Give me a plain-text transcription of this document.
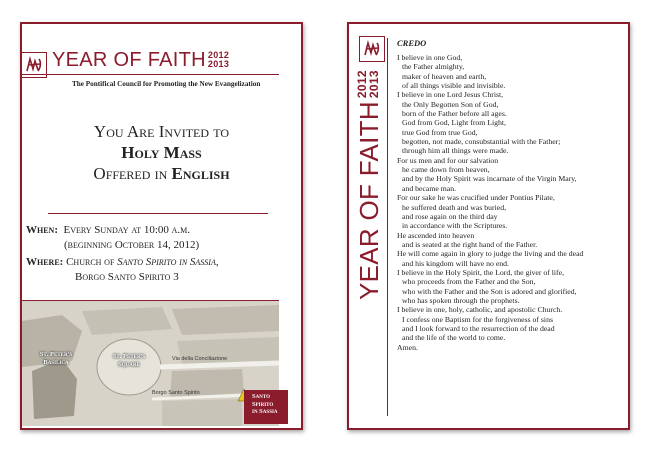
YEAR OF FAITH 2012
2013
The Pontifical Council for Promoting the New Evangelization
You Are Invited to
Holy Mass
Offered in English
When: Every Sunday at 10:00 a.m.
(beginning October 14, 2012)
Where: Church of Santo Spirito in Sassia,
Borgo Santo Spirito 3
St. Peter's
Basilica
St. Peter's
Square
Via della Conciliazione
Borgo Santo Spirito	Santo
Spirito
in Sassia
YEAR OF FAITH
2012
2013
CREDO
I believe in one God,
the Father almighty,
maker of heaven and earth,
of all things visible and invisible.
I believe in one Lord Jesus Christ,
the Only Begotten Son of God,
born of the Father before all ages.
God from God, Light from Light,
true God from true God,
begotten, not made, consubstantial with the Father;
through him all things were made.
For us men and for our salvation
he came down from heaven,
and by the Holy Spirit was incarnate of the Virgin Mary,
and became man.
For our sake he was crucified under Pontius Pilate,
he suffered death and was buried,
and rose again on the third day
in accordance with the Scriptures.
He ascended into heaven
and is seated at the right hand of the Father.
He will come again in glory to judge the living and the dead
and his kingdom will have no end.
I believe in the Holy Spirit, the Lord, the giver of life,
who proceeds from the Father and the Son,
who with the Father and the Son is adored and glorified,
who has spoken through the prophets.
I believe in one, holy, catholic, and apostolic Church.
I confess one Baptism for the forgiveness of sins
and I look forward to the resurrection of the dead
and the life of the world to come.
Amen.
